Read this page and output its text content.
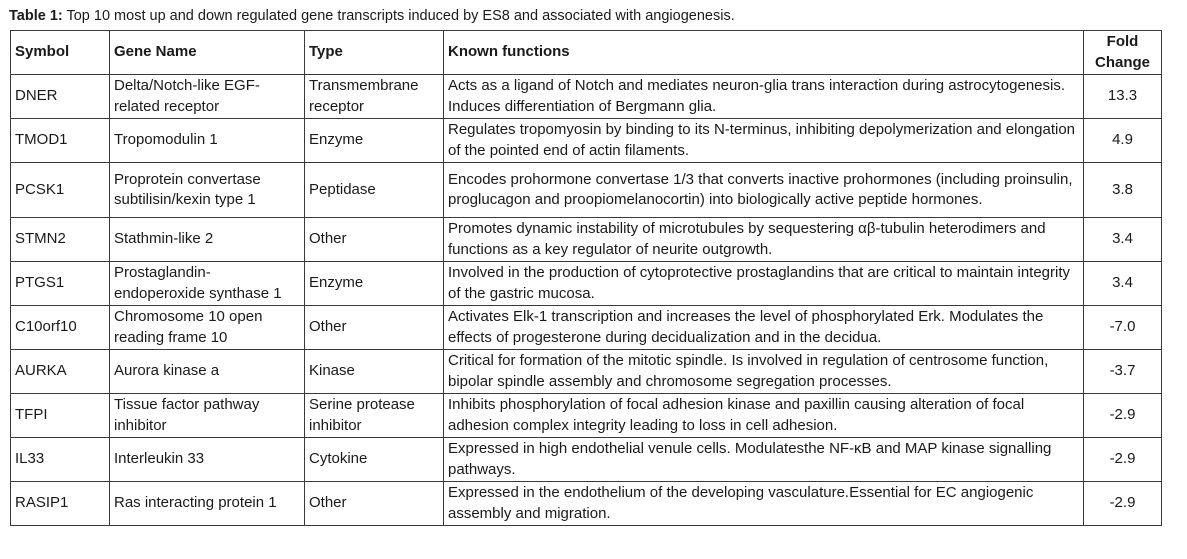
Table 1: Top 10 most up and down regulated gene transcripts induced by ES8 and associated with angiogenesis.
Symbol	Gene Name	Type	Known functions	Fold Change
DNER	Delta/Notch-like EGF-related receptor	Transmembrane receptor	Acts as a ligand of Notch and mediates neuron-glia trans interaction during astrocytogenesis. Induces differentiation of Bergmann glia.	13.3
TMOD1	Tropomodulin 1	Enzyme	Regulates tropomyosin by binding to its N-terminus, inhibiting depolymerization and elongation of the pointed end of actin filaments.	4.9
PCSK1	Proprotein convertase subtilisin/kexin type 1	Peptidase	Encodes prohormone convertase 1/3 that converts inactive prohormones (including proinsulin, proglucagon and proopiomelanocortin) into biologically active peptide hormones.	3.8
STMN2	Stathmin-like 2	Other	Promotes dynamic instability of microtubules by sequestering αβ-tubulin heterodimers and functions as a key regulator of neurite outgrowth.	3.4
PTGS1	Prostaglandin-endoperoxide synthase 1	Enzyme	Involved in the production of cytoprotective prostaglandins that are critical to maintain integrity of the gastric mucosa.	3.4
C10orf10	Chromosome 10 open reading frame 10	Other	Activates Elk-1 transcription and increases the level of phosphorylated Erk. Modulates the effects of progesterone during decidualization and in the decidua.	-7.0
AURKA	Aurora kinase a	Kinase	Critical for formation of the mitotic spindle. Is involved in regulation of centrosome function, bipolar spindle assembly and chromosome segregation processes.	-3.7
TFPI	Tissue factor pathway inhibitor	Serine protease inhibitor	Inhibits phosphorylation of focal adhesion kinase and paxillin causing alteration of focal adhesion complex integrity leading to loss in cell adhesion.	-2.9
IL33	Interleukin 33	Cytokine	Expressed in high endothelial venule cells. Modulatesthe NF-κB and MAP kinase signalling pathways.	-2.9
RASIP1	Ras interacting protein 1	Other	Expressed in the endothelium of the developing vasculature.Essential for EC angiogenic assembly and migration.	-2.9
